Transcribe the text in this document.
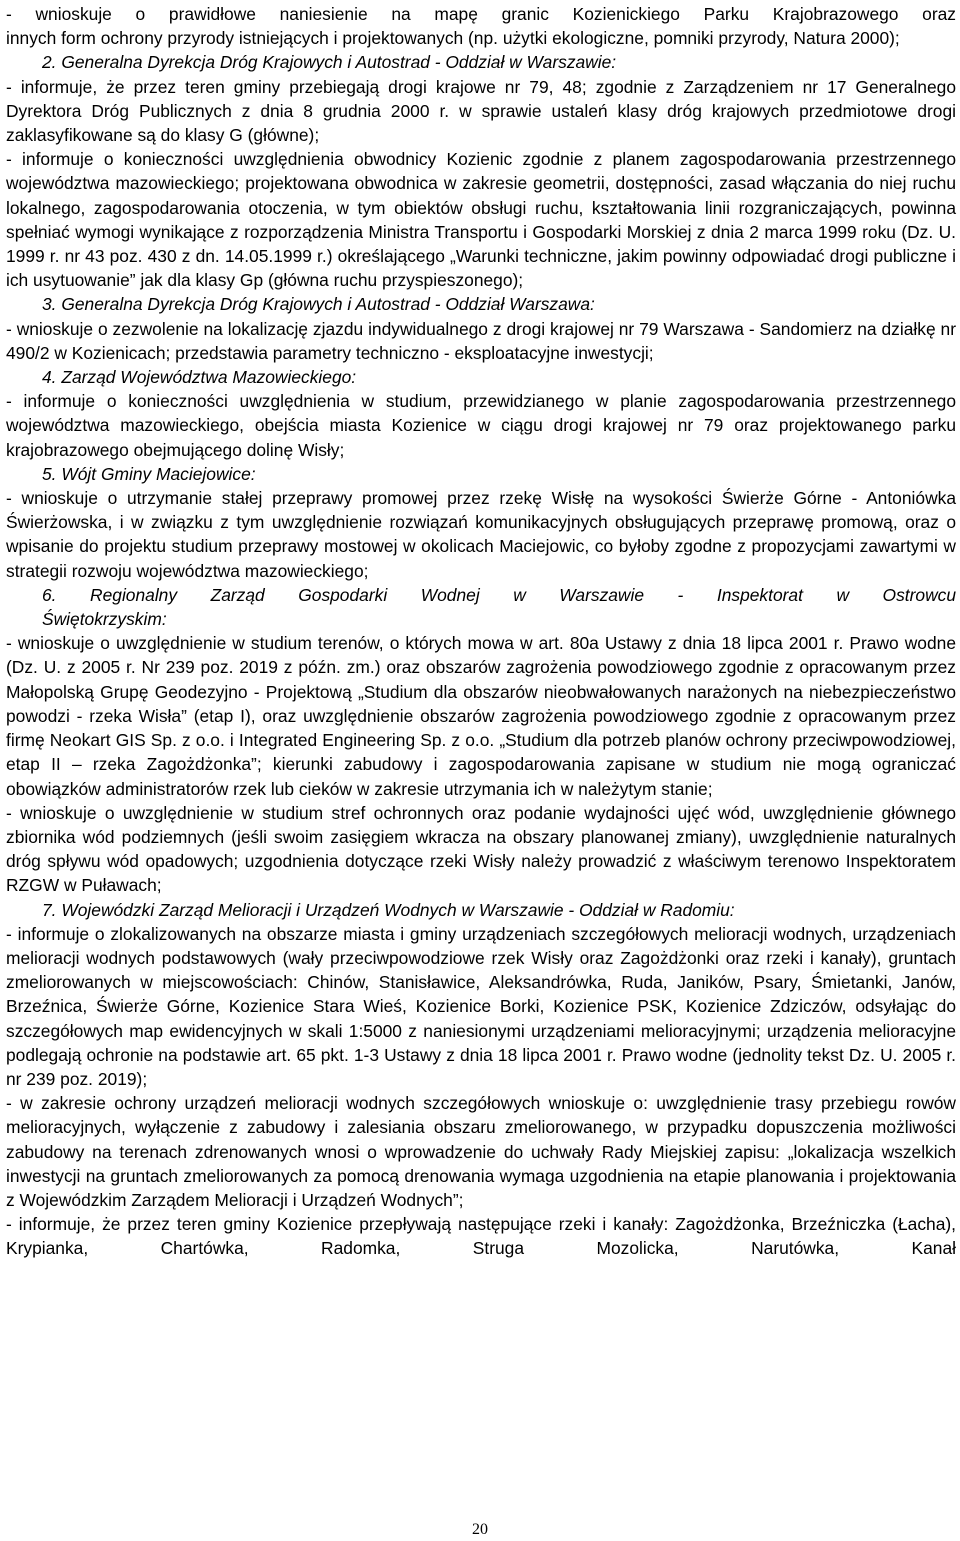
- wnioskuje o prawidłowe naniesienie na mapę granic Kozienickiego Parku Krajobrazowego oraz

innych form ochrony przyrody istniejących i projektowanych (np. użytki ekologiczne, pomniki przyrody, Natura 2000);

2. Generalna Dyrekcja Dróg Krajowych i Autostrad - Oddział w Warszawie:

- informuje, że przez teren gminy przebiegają drogi krajowe nr 79, 48; zgodnie z Zarządzeniem nr 17 Generalnego Dyrektora Dróg Publicznych z dnia 8 grudnia 2000 r. w sprawie ustaleń klasy dróg krajowych przedmiotowe drogi zaklasyfikowane są do klasy G (główne);

- informuje o konieczności uwzględnienia obwodnicy Kozienic zgodnie z planem zagospodarowania przestrzennego województwa mazowieckiego; projektowana obwodnica w zakresie geometrii, dostępności, zasad włączania do niej ruchu lokalnego, zagospodarowania otoczenia, w tym obiektów obsługi ruchu, kształtowania linii rozgraniczających, powinna spełniać wymogi wynikające z rozporządzenia Ministra Transportu i Gospodarki Morskiej z dnia 2 marca 1999 roku (Dz. U. 1999 r. nr 43 poz. 430 z dn. 14.05.1999 r.) określającego „Warunki techniczne, jakim powinny odpowiadać drogi publiczne i ich usytuowanie” jak dla klasy Gp (główna ruchu przyspieszonego);

3. Generalna Dyrekcja Dróg Krajowych i Autostrad - Oddział Warszawa:

- wnioskuje o zezwolenie na lokalizację zjazdu indywidualnego z drogi krajowej nr 79 Warszawa - Sandomierz na działkę nr 490/2 w Kozienicach; przedstawia parametry techniczno - eksploatacyjne inwestycji;

4. Zarząd Województwa Mazowieckiego:

- informuje o konieczności uwzględnienia w studium, przewidzianego w planie zagospodarowania przestrzennego województwa mazowieckiego, obejścia miasta Kozienice w ciągu drogi krajowej nr 79 oraz projektowanego parku krajobrazowego obejmującego dolinę Wisły;

5. Wójt Gminy Maciejowice:

- wnioskuje o utrzymanie stałej przeprawy promowej przez rzekę Wisłę na wysokości Świerże Górne - Antoniówka Świerżowska, i w związku z tym uwzględnienie rozwiązań komunikacyjnych obsługujących przeprawę promową, oraz o wpisanie do projektu studium przeprawy mostowej w okolicach Maciejowic, co byłoby zgodne z propozycjami zawartymi w strategii rozwoju województwa mazowieckiego;

6. Regionalny Zarząd Gospodarki Wodnej w Warszawie - Inspektorat w Ostrowcu

Świętokrzyskim:

- wnioskuje o uwzględnienie w studium terenów, o których mowa w art. 80a Ustawy z dnia 18 lipca 2001 r. Prawo wodne (Dz. U. z 2005 r. Nr 239 poz. 2019 z późn. zm.) oraz obszarów zagrożenia powodziowego zgodnie z opracowanym przez Małopolską Grupę Geodezyjno - Projektową „Studium dla obszarów nieobwałowanych narażonych na niebezpieczeństwo powodzi - rzeka Wisła” (etap I), oraz uwzględnienie obszarów zagrożenia powodziowego zgodnie z opracowanym przez firmę Neokart GIS Sp. z o.o. i Integrated Engineering Sp. z o.o. „Studium dla potrzeb planów ochrony przeciwpowodziowej, etap II – rzeka Zagożdżonka”; kierunki zabudowy i zagospodarowania zapisane w studium nie mogą ograniczać obowiązków administratorów rzek lub cieków w zakresie utrzymania ich w należytym stanie;

- wnioskuje o uwzględnienie w studium stref ochronnych oraz podanie wydajności ujęć wód, uwzględnienie głównego zbiornika wód podziemnych (jeśli swoim zasięgiem wkracza na obszary planowanej zmiany), uwzględnienie naturalnych dróg spływu wód opadowych; uzgodnienia dotyczące rzeki Wisły należy prowadzić z właściwym terenowo Inspektoratem RZGW w Puławach;

7. Wojewódzki Zarząd Melioracji i Urządzeń Wodnych w Warszawie - Oddział w Radomiu:

- informuje o zlokalizowanych na obszarze miasta i gminy urządzeniach szczegółowych melioracji wodnych, urządzeniach melioracji wodnych podstawowych (wały przeciwpowodziowe rzek Wisły oraz Zagożdżonki oraz rzeki i kanały), gruntach zmeliorowanych w miejscowościach: Chinów, Stanisławice, Aleksandrówka, Ruda, Janików, Psary, Śmietanki, Janów, Brzeźnica, Świerże Górne, Kozienice Stara Wieś, Kozienice Borki, Kozienice PSK, Kozienice Zdziczów, odsyłając do szczegółowych map ewidencyjnych w skali 1:5000 z naniesionymi urządzeniami melioracyjnymi; urządzenia melioracyjne podlegają ochronie na podstawie art. 65 pkt. 1-3 Ustawy z dnia 18 lipca 2001 r. Prawo wodne (jednolity tekst Dz. U. 2005 r. nr 239 poz. 2019);

- w zakresie ochrony urządzeń melioracji wodnych szczegółowych wnioskuje o: uwzględnienie trasy przebiegu rowów melioracyjnych, wyłączenie z zabudowy i zalesiania obszaru zmeliorowanego, w przypadku dopuszczenia możliwości zabudowy na terenach zdrenowanych wnosi o wprowadzenie do uchwały Rady Miejskiej zapisu: „lokalizacja wszelkich inwestycji na gruntach zmeliorowanych za pomocą drenowania wymaga uzgodnienia na etapie planowania i projektowania z Wojewódzkim Zarządem Melioracji i Urządzeń Wodnych”;

- informuje, że przez teren gminy Kozienice przepływają następujące rzeki i kanały: Zagożdżonka, Brzeźniczka (Łacha), Krypianka, Chartówka, Radomka, Struga Mozolicka, Narutówka, Kanał

20
